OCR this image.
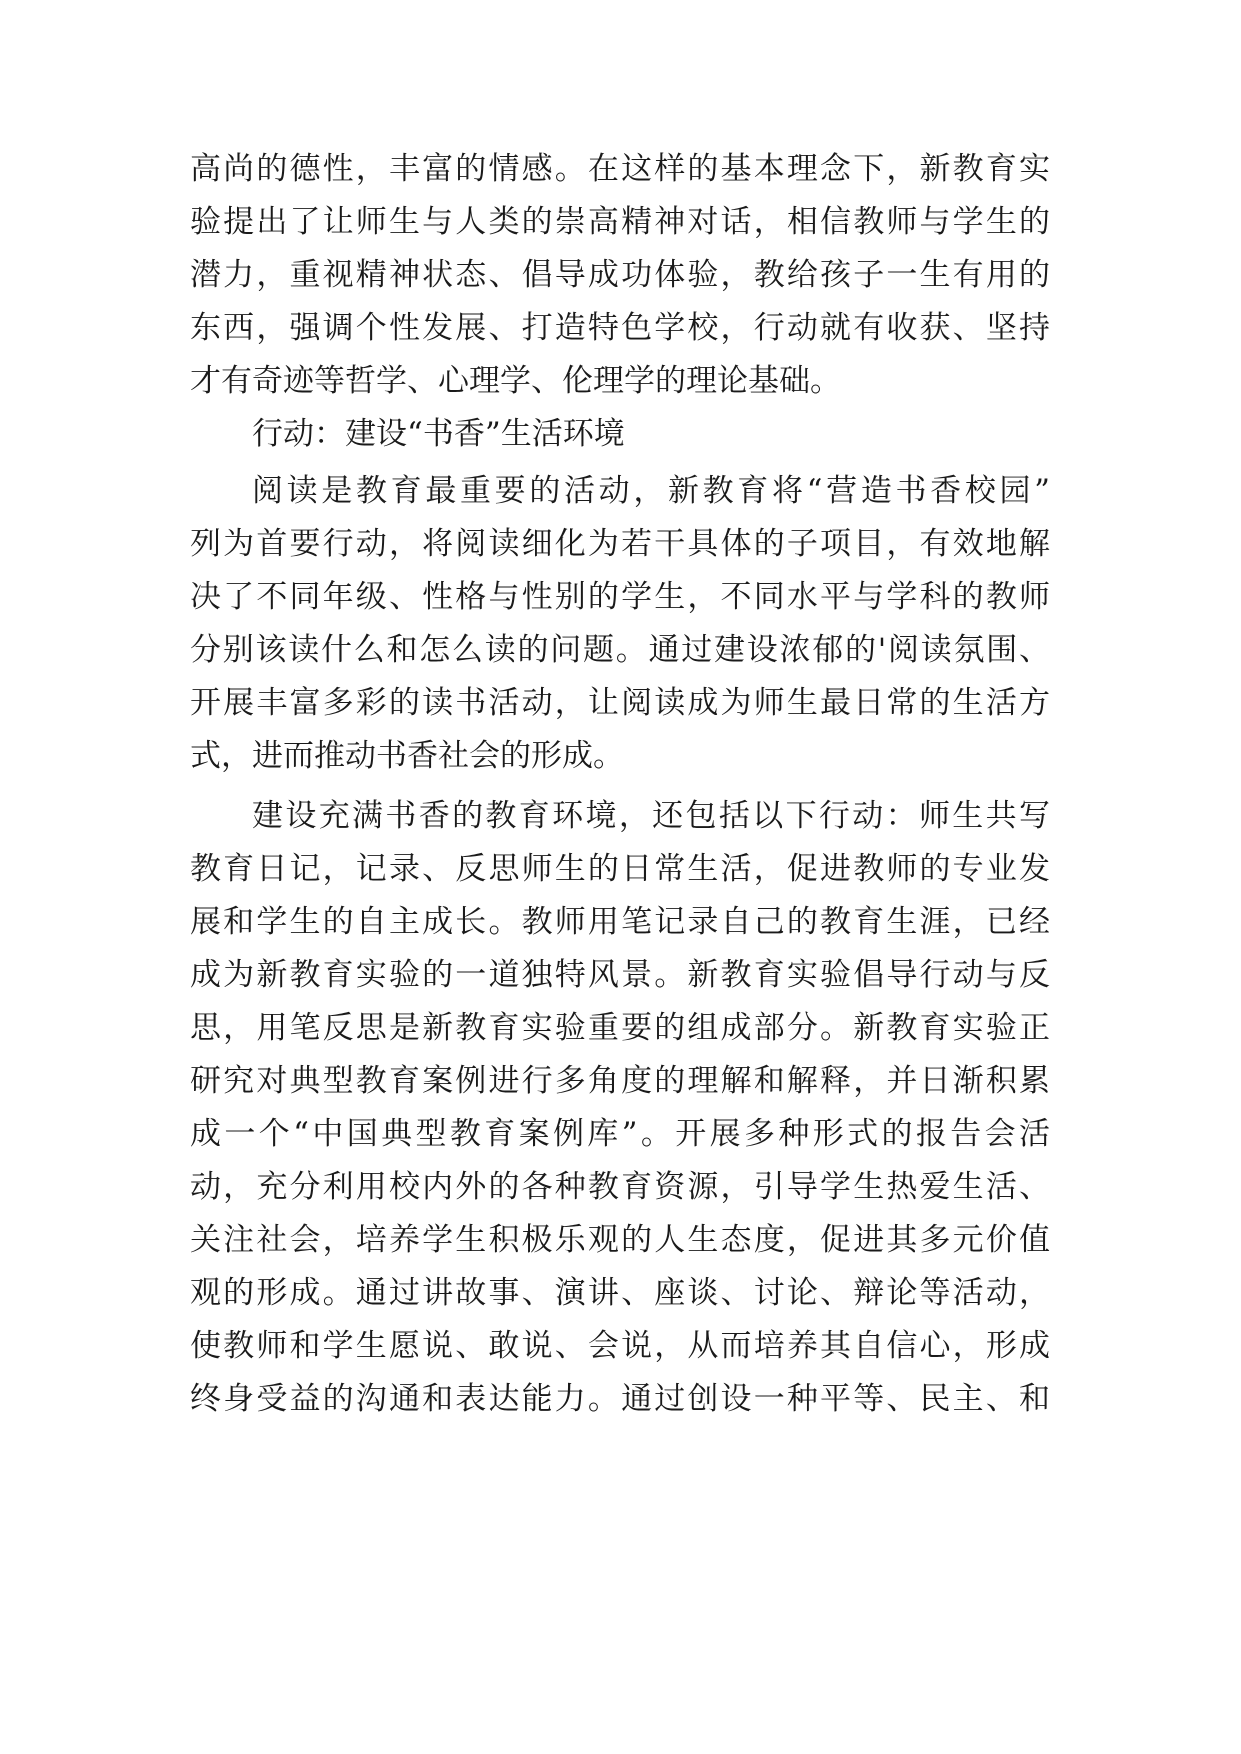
高尚的德性，丰富的情感。在这样的基本理念下，新教育实
验提出了让师生与人类的崇高精神对话，相信教师与学生的
潜力，重视精神状态、倡导成功体验，教给孩子一生有用的
东西，强调个性发展、打造特色学校，行动就有收获、坚持
才有奇迹等哲学、心理学、伦理学的理论基础。
行动：建设“书香”生活环境
阅读是教育最重要的活动，新教育将“营造书香校园”
列为首要行动，将阅读细化为若干具体的子项目，有效地解
决了不同年级、性格与性别的学生，不同水平与学科的教师
分别该读什么和怎么读的问题。通过建设浓郁的'阅读氛围、
开展丰富多彩的读书活动，让阅读成为师生最日常的生活方
式，进而推动书香社会的形成。
建设充满书香的教育环境，还包括以下行动：师生共写
教育日记，记录、反思师生的日常生活，促进教师的专业发
展和学生的自主成长。教师用笔记录自己的教育生涯，已经
成为新教育实验的一道独特风景。新教育实验倡导行动与反
思，用笔反思是新教育实验重要的组成部分。新教育实验正
研究对典型教育案例进行多角度的理解和解释，并日渐积累
成一个“中国典型教育案例库”。开展多种形式的报告会活
动，充分利用校内外的各种教育资源，引导学生热爱生活、
关注社会，培养学生积极乐观的人生态度，促进其多元价值
观的形成。通过讲故事、演讲、座谈、讨论、辩论等活动，
使教师和学生愿说、敢说、会说，从而培养其自信心，形成
终身受益的沟通和表达能力。通过创设一种平等、民主、和
